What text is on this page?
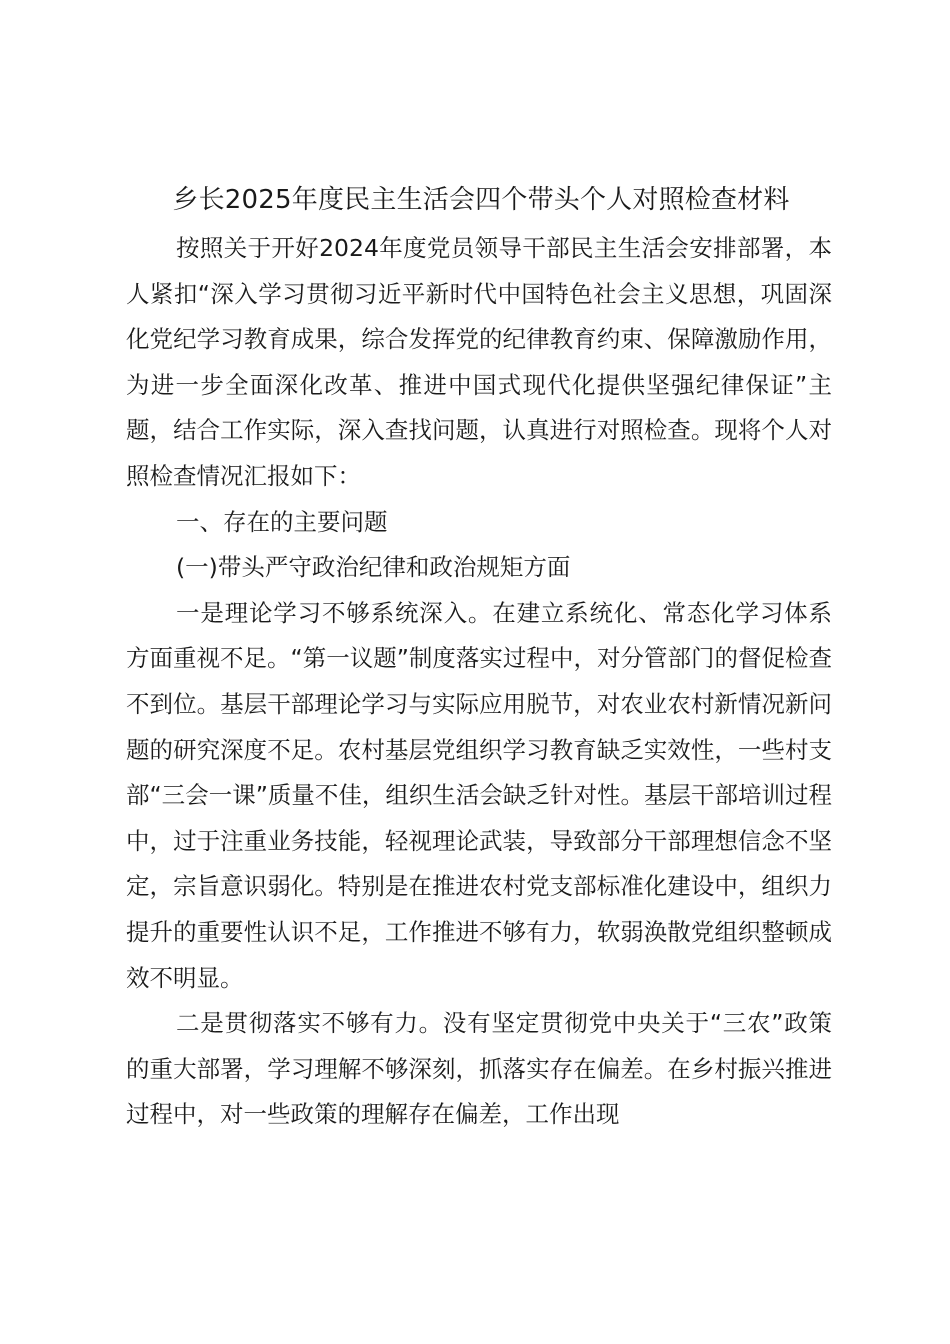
乡长2025年度民主生活会四个带头个人对照检查材料

按照关于开好2024年度党员领导干部民主生活会安排部署，本人紧扣“深入学习贯彻习近平新时代中国特色社会主义思想，巩固深化党纪学习教育成果，综合发挥党的纪律教育约束、保障激励作用，为进一步全面深化改革、推进中国式现代化提供坚强纪律保证”主题，结合工作实际，深入查找问题，认真进行对照检查。现将个人对照检查情况汇报如下：

一、存在的主要问题

(一)带头严守政治纪律和政治规矩方面

一是理论学习不够系统深入。在建立系统化、常态化学习体系方面重视不足。“第一议题”制度落实过程中，对分管部门的督促检查不到位。基层干部理论学习与实际应用脱节，对农业农村新情况新问题的研究深度不足。农村基层党组织学习教育缺乏实效性，一些村支部“三会一课”质量不佳，组织生活会缺乏针对性。基层干部培训过程中，过于注重业务技能，轻视理论武装，导致部分干部理想信念不坚定，宗旨意识弱化。特别是在推进农村党支部标准化建设中，组织力提升的重要性认识不足，工作推进不够有力，软弱涣散党组织整顿成效不明显。

二是贯彻落实不够有力。没有坚定贯彻党中央关于“三农”政策的重大部署，学习理解不够深刻，抓落实存在偏差。在乡村振兴推进过程中，对一些政策的理解存在偏差，工作出现
